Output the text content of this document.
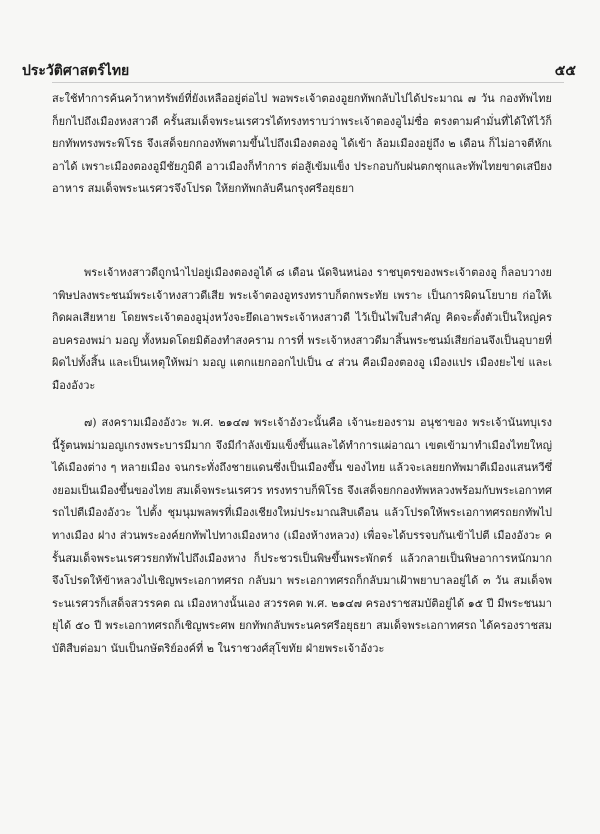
ประวัติศาสตร์ไทย	๕๕
สะใช้ทำการค้นคว้าหาทรัพย์ที่ยังเหลืออยู่ต่อไป พอพระเจ้าตองอูยกทัพกลับไปได้ประมาณ ๗ วัน กองทัพไทยก็ยกไปถึงเมืองหงสาวดี ครั้นสมเด็จพระนเรศวรได้ทรงทราบว่าพระเจ้าตองอูไม่ซื่อ ตรงตามคำมั่นที่ได้ให้ไว้ก็ยกทัพทรงพระพิโรธ จึงเสด็จยกกองทัพตามขึ้นไปถึงเมืองตองอู ได้เข้า ล้อมเมืองอยู่ถึง ๒ เดือน ก็ไม่อาจตีหักเอาได้ เพราะเมืองตองอูมีชัยภูมิดี อาวเมืองก็ทำการ ต่อสู้เข้มแข็ง ประกอบกับฝนตกชุกและทัพไทยขาดเสบียงอาหาร สมเด็จพระนเรศวรจึงโปรด ให้ยกทัพกลับคืนกรุงศรีอยุธยา
พระเจ้าหงสาวดีถูกนำไปอยู่เมืองตองอูได้ ๘ เดือน นัดจินหน่อง ราชบุตรของพระเจ้าตองอู ก็ลอบวางยาพิษปลงพระชนม์พระเจ้าหงสาวดีเสีย พระเจ้าตองอูทรงทราบก็ตกพระทัย เพราะ เป็นการผิดนโยบาย ก่อให้เกิดผลเสียหาย โดยพระเจ้าตองอูมุ่งหวังจะยึดเอาพระเจ้าหงสาวดี ไว้เป็นไพ่ใบสำคัญ คิดจะตั้งตัวเป็นใหญ่ครอบครองพม่า มอญ ทั้งหมดโดยมิต้องทำสงคราม การที่ พระเจ้าหงสาวดีมาสิ้นพระชนม์เสียก่อนจึงเป็นอุบายที่ผิดไปทั้งสิ้น และเป็นเหตุให้พม่า มอญ แตกแยกออกไปเป็น ๔ ส่วน คือเมืองตองอู เมืองแปร เมืองยะไข่ และเมืองอังวะ
๗) สงครามเมืองอังวะ พ.ศ. ๒๑๔๗ พระเจ้าอังวะนั้นคือ เจ้านะยองราม อนุชาของ พระเจ้านันทบุเรง นี้รู้ตนพม่ามอญเกรงพระบารมีมาก จึงมีกำลังเข้มแข็งขึ้นและได้ทำการแผ่อาณา เขตเข้ามาทำเมืองไทยใหญ่ได้เมืองต่าง ๆ หลายเมือง จนกระทั่งถึงชายแดนซึ่งเป็นเมืองขึ้น ของไทย แล้วจะเลยยกทัพมาตีเมืองแสนหวีซึ่งยอมเป็นเมืองขึ้นของไทย สมเด็จพระนเรศวร ทรงทราบก็พิโรธ จึงเสด็จยกกองทัพหลวงพร้อมกับพระเอกาทศรถไปตีเมืองอังวะ ไปตั้ง ชุมนุมพลพรที่เมืองเชียงใหม่ประมาณสิบเดือน แล้วโปรดให้พระเอกาทศรถยกทัพไปทางเมือง ฝาง ส่วนพระองค์ยกทัพไปทางเมืองหาง (เมืองห้างหลวง) เพื่อจะได้บรรจบกันเข้าไปตี เมืองอังวะ ครั้นสมเด็จพระนเรศวรยกทัพไปถึงเมืองหาง ก็ประชวรเป็นพิษขึ้นพระพักตร์ แล้วกลายเป็นพิษอาการหนักมาก จึงโปรดให้ข้าหลวงไปเชิญพระเอกาทศรถ กลับมา พระเอกาทศรถก็กลับมาเฝ้าพยาบาลอยู่ได้ ๓ วัน สมเด็จพระนเรศวรก็เสด็จสวรรคต ณ เมืองหางนั้นเอง สวรรคต พ.ศ. ๒๑๔๗ ครองราชสมบัติอยู่ได้ ๑๕ ปี มีพระชนมายุได้ ๕๐ ปี พระเอกาทศรถก็เชิญพระศพ ยกทัพกลับพระนครศรีอยุธยา สมเด็จพระเอกาทศรถ ได้ครองราชสมบัติสืบต่อมา นับเป็นกษัตริย์องค์ที่ ๒ ในราชวงศ์สุโขทัย ฝ่ายพระเจ้าอังวะ
